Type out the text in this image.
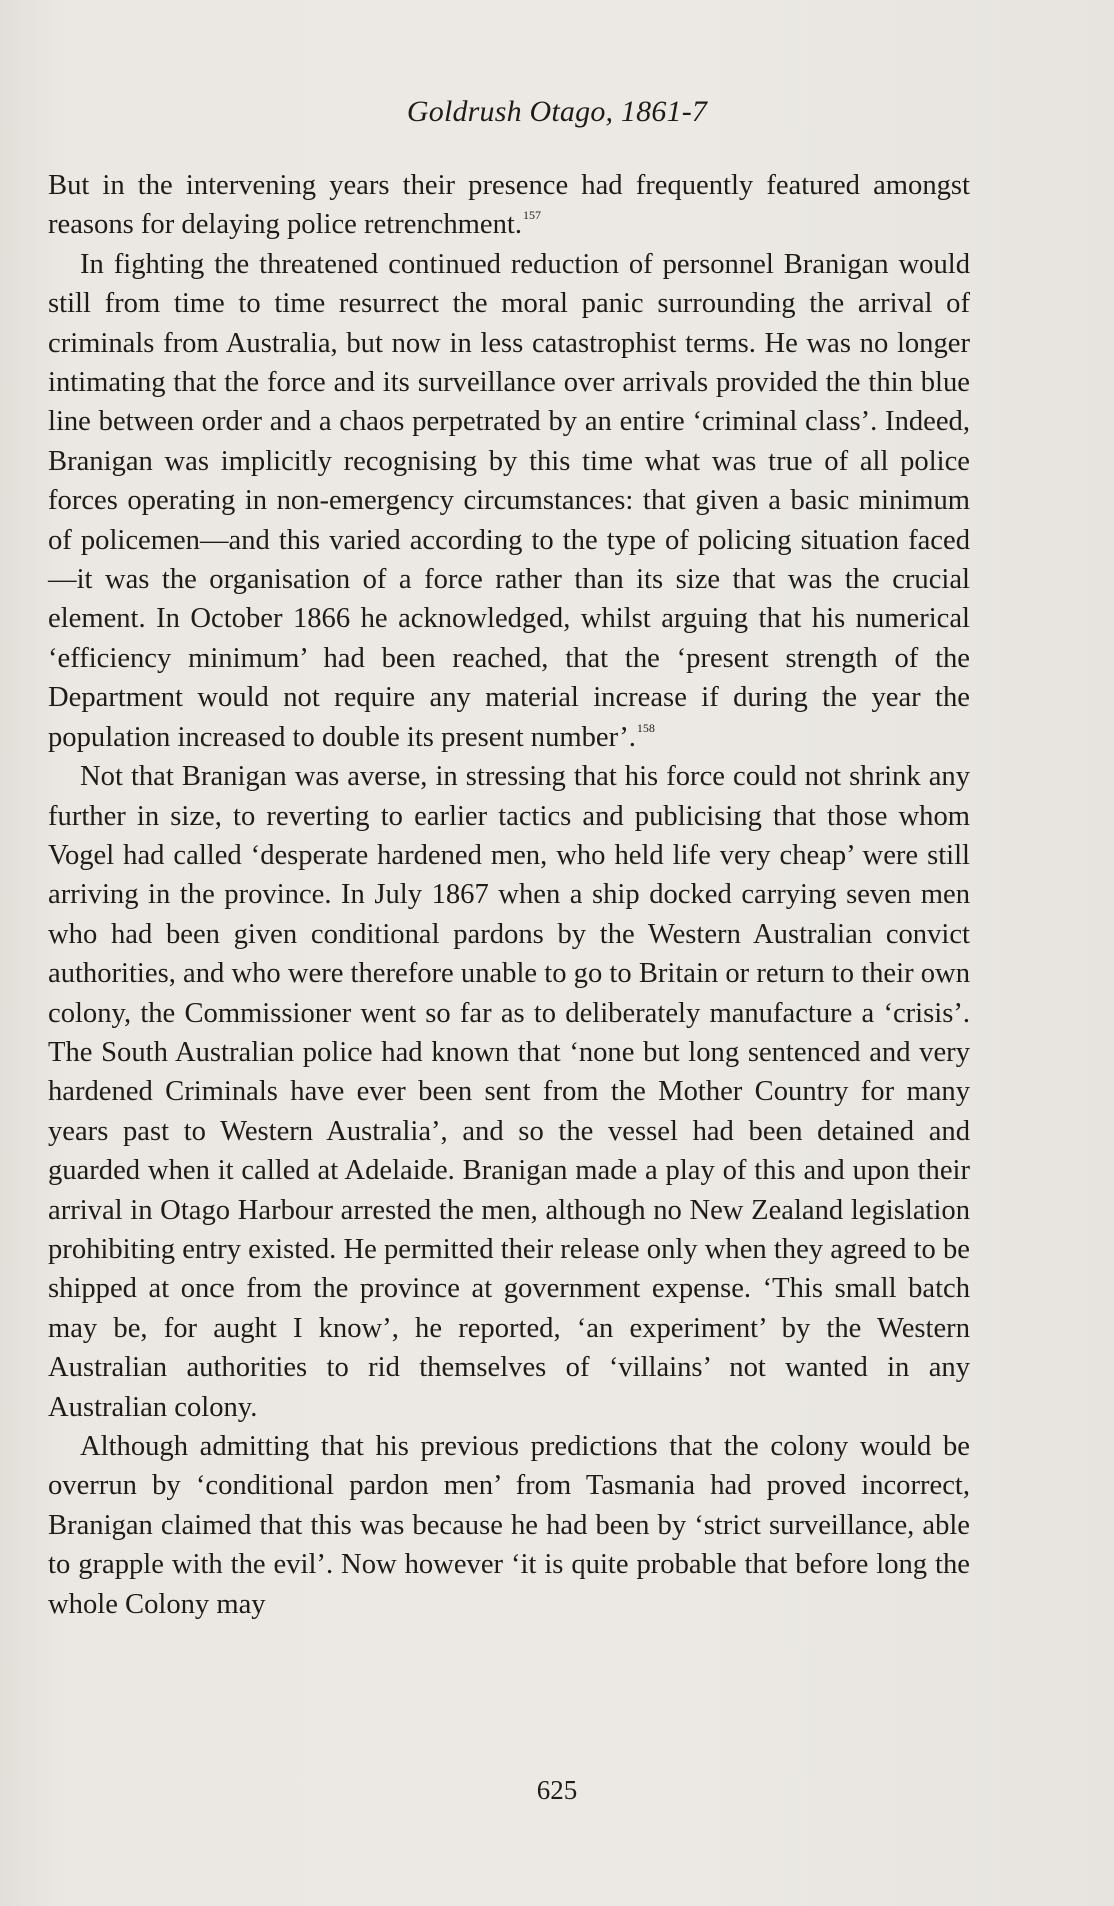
Goldrush Otago, 1861-7

But in the intervening years their presence had frequently featured amongst reasons for delaying police retrenchment.$^{157}$

In fighting the threatened continued reduction of personnel Branigan would still from time to time resurrect the moral panic surrounding the arrival of criminals from Australia, but now in less catastrophist terms. He was no longer intimating that the force and its surveillance over arrivals provided the thin blue line between order and a chaos perpetrated by an entire ‘criminal class’. Indeed, Branigan was implicitly recognising by this time what was true of all police forces operating in non-emergency circumstances: that given a basic minimum of policemen—and this varied according to the type of policing situation faced—it was the organisation of a force rather than its size that was the crucial element. In October 1866 he acknowledged, whilst arguing that his numerical ‘efficiency minimum’ had been reached, that the ‘present strength of the Department would not require any material increase if during the year the population increased to double its present number’.$^{158}$

Not that Branigan was averse, in stressing that his force could not shrink any further in size, to reverting to earlier tactics and publicising that those whom Vogel had called ‘desperate hardened men, who held life very cheap’ were still arriving in the province. In July 1867 when a ship docked carrying seven men who had been given conditional pardons by the Western Australian convict authorities, and who were therefore unable to go to Britain or return to their own colony, the Commissioner went so far as to deliberately manufacture a ‘crisis’. The South Australian police had known that ‘none but long sentenced and very hardened Criminals have ever been sent from the Mother Country for many years past to Western Australia’, and so the vessel had been detained and guarded when it called at Adelaide. Branigan made a play of this and upon their arrival in Otago Harbour arrested the men, although no New Zealand legislation prohibiting entry existed. He permitted their release only when they agreed to be shipped at once from the province at government expense. ‘This small batch may be, for aught I know’, he reported, ‘an experiment’ by the Western Australian authorities to rid themselves of ‘villains’ not wanted in any Australian colony.

Although admitting that his previous predictions that the colony would be overrun by ‘conditional pardon men’ from Tasmania had proved incorrect, Branigan claimed that this was because he had been by ‘strict surveillance, able to grapple with the evil’. Now however ‘it is quite probable that before long the whole Colony may

625
